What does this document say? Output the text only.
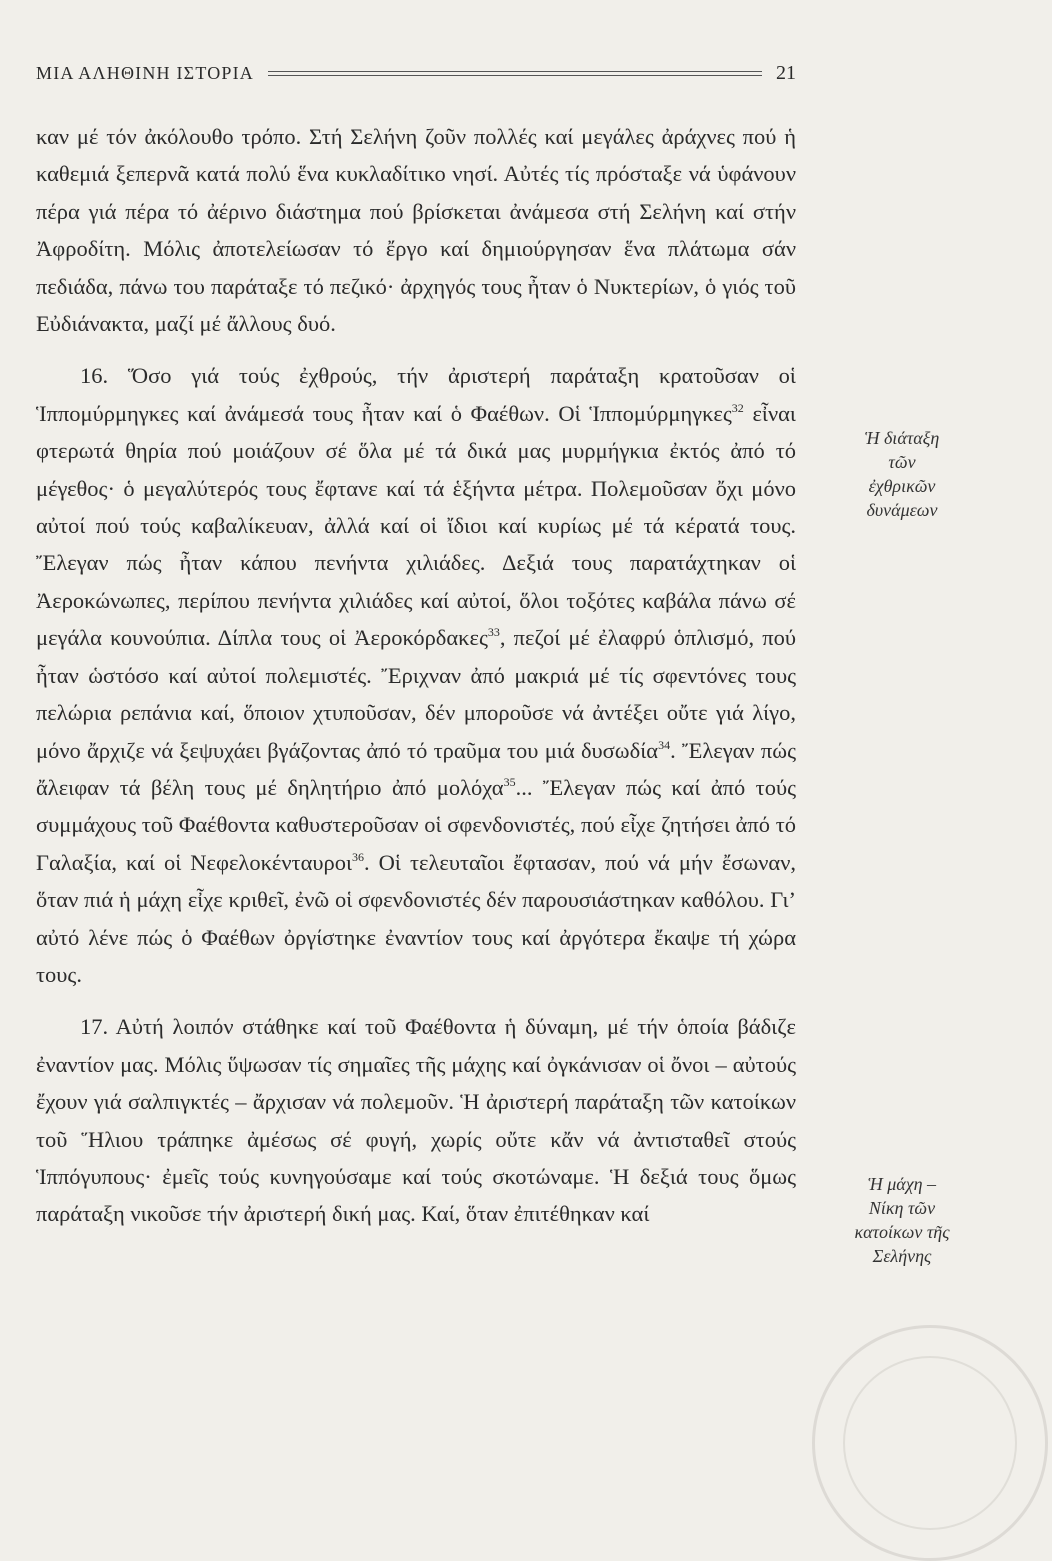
ΜΙΑ ΑΛΗΘΙΝΗ ΙΣΤΟΡΙΑ	21

καν μέ τόν ἀκόλουθο τρόπο. Στή Σελήνη ζοῦν πολλές καί μεγάλες ἀράχνες πού ἡ καθεμιά ξεπερνᾶ κατά πολύ ἕνα κυκλαδίτικο νησί. Αὐτές τίς πρόσταξε νά ὑφάνουν πέρα γιά πέρα τό ἀέρινο διάστημα πού βρίσκεται ἀνάμεσα στή Σελήνη καί στήν Ἀφροδίτη. Μόλις ἀποτελείωσαν τό ἔργο καί δημιούργησαν ἕνα πλάτωμα σάν πεδιάδα, πάνω του παράταξε τό πεζικό· ἀρχηγός τους ἦταν ὁ Νυκτερίων, ὁ γιός τοῦ Εὐδιάνακτα, μαζί μέ ἄλλους δυό.

16. Ὅσο γιά τούς ἐχθρούς, τήν ἀριστερή παράταξη κρατοῦσαν οἱ Ἱππομύρμηγκες καί ἀνάμεσά τους ἦταν καί ὁ Φαέθων. Οἱ Ἱππομύρμηγκες$^{32}$ εἶναι φτερωτά θηρία πού μοιάζουν σέ ὅλα μέ τά δικά μας μυρμήγκια ἐκτός ἀπό τό μέγεθος· ὁ μεγαλύτερός τους ἔφτανε καί τά ἑξήντα μέτρα. Πολεμοῦσαν ὄχι μόνο αὐτοί πού τούς καβαλίκευαν, ἀλλά καί οἱ ἴδιοι καί κυρίως μέ τά κέρατά τους. Ἔλεγαν πώς ἦταν κάπου πενήντα χιλιάδες. Δεξιά τους παρατάχτηκαν οἱ Ἀεροκώνωπες, περίπου πενήντα χιλιάδες καί αὐτοί, ὅλοι τοξότες καβάλα πάνω σέ μεγάλα κουνούπια. Δίπλα τους οἱ Ἀεροκόρδακες$^{33}$, πεζοί μέ ἐλαφρύ ὁπλισμό, πού ἦταν ὡστόσο καί αὐτοί πολεμιστές. Ἔριχναν ἀπό μακριά μέ τίς σφεντόνες τους πελώρια ρεπάνια καί, ὅποιον χτυποῦσαν, δέν μποροῦσε νά ἀντέξει οὔτε γιά λίγο, μόνο ἄρχιζε νά ξεψυχάει βγάζοντας ἀπό τό τραῦμα του μιά δυσωδία$^{34}$. Ἔλεγαν πώς ἄλειφαν τά βέλη τους μέ δηλητήριο ἀπό μολόχα$^{35}$... Ἔλεγαν πώς καί ἀπό τούς συμμάχους τοῦ Φαέθοντα καθυστεροῦσαν οἱ σφενδονιστές, πού εἶχε ζητήσει ἀπό τό Γαλαξία, καί οἱ Νεφελοκένταυροι$^{36}$. Οἱ τελευταῖοι ἔφτασαν, πού νά μήν ἔσωναν, ὅταν πιά ἡ μάχη εἶχε κριθεῖ, ἐνῶ οἱ σφενδονιστές δέν παρουσιάστηκαν καθόλου. Γι’ αὐτό λένε πώς ὁ Φαέθων ὀργίστηκε ἐναντίον τους καί ἀργότερα ἔκαψε τή χώρα τους.

17. Αὐτή λοιπόν στάθηκε καί τοῦ Φαέθοντα ἡ δύναμη, μέ τήν ὁποία βάδιζε ἐναντίον μας. Μόλις ὕψωσαν τίς σημαῖες τῆς μάχης καί ὀγκάνισαν οἱ ὄνοι – αὐτούς ἔχουν γιά σαλπιγκτές – ἄρχισαν νά πολεμοῦν. Ἡ ἀριστερή παράταξη τῶν κατοίκων τοῦ Ἥλιου τράπηκε ἀμέσως σέ φυγή, χωρίς οὔτε κἄν νά ἀντισταθεῖ στούς Ἱππόγυπους· ἐμεῖς τούς κυνηγούσαμε καί τούς σκοτώναμε. Ἡ δεξιά τους ὅμως παράταξη νικοῦσε τήν ἀριστερή δική μας. Καί, ὅταν ἐπιτέθηκαν καί

Ἡ διάταξη
τῶν
ἐχθρικῶν
δυνάμεων
Ἡ μάχη –
Νίκη τῶν
κατοίκων τῆς
Σελήνης
